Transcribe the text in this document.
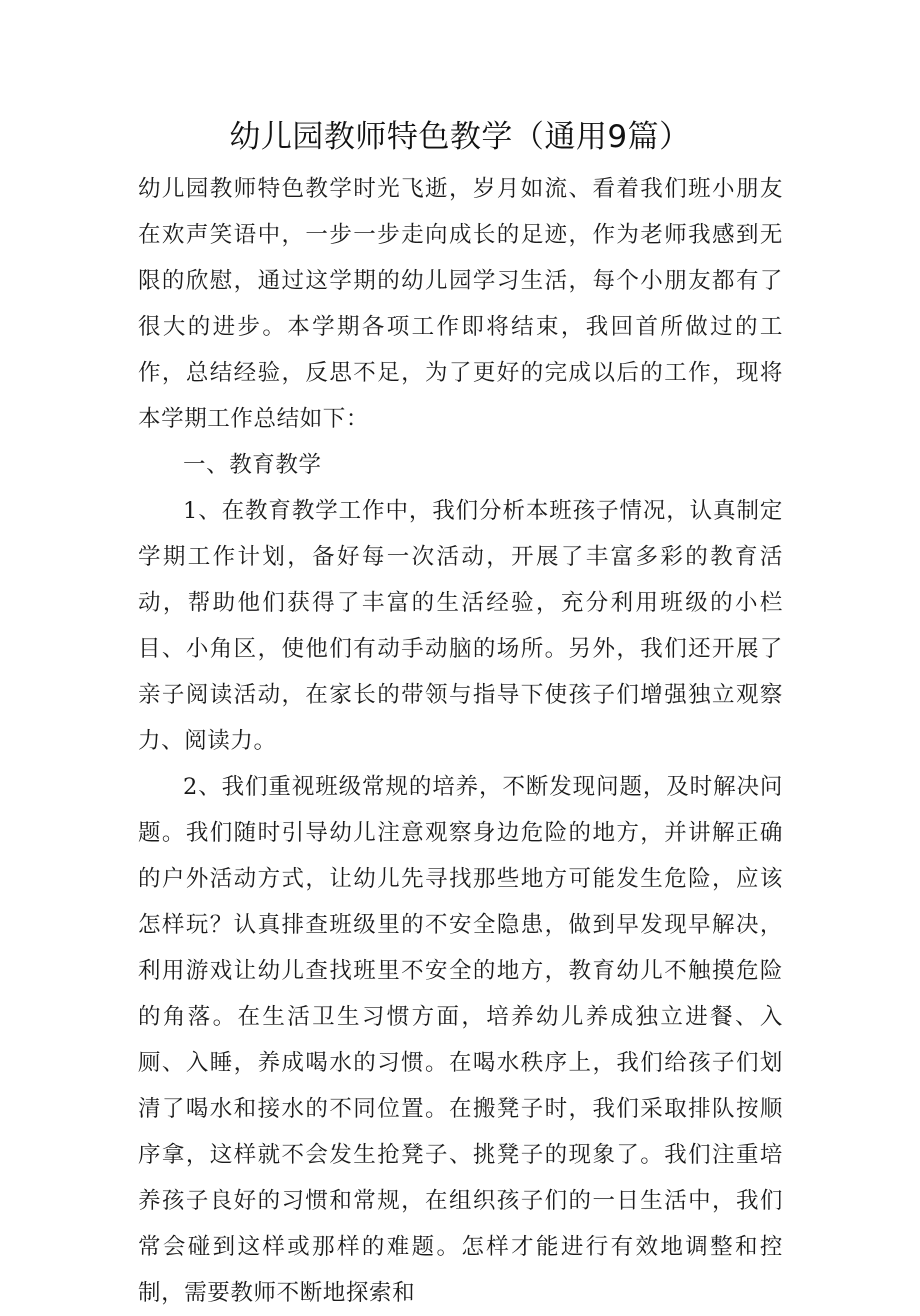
幼儿园教师特色教学（通用9篇）

幼儿园教师特色教学时光飞逝，岁月如流、看着我们班小朋友在欢声笑语中，一步一步走向成长的足迹，作为老师我感到无限的欣慰，通过这学期的幼儿园学习生活，每个小朋友都有了很大的进步。本学期各项工作即将结束，我回首所做过的工作，总结经验，反思不足，为了更好的完成以后的工作，现将本学期工作总结如下：

一、教育教学

1、在教育教学工作中，我们分析本班孩子情况，认真制定学期工作计划，备好每一次活动，开展了丰富多彩的教育活动，帮助他们获得了丰富的生活经验，充分利用班级的小栏目、小角区，使他们有动手动脑的场所。另外，我们还开展了亲子阅读活动，在家长的带领与指导下使孩子们增强独立观察力、阅读力。

2、我们重视班级常规的培养，不断发现问题，及时解决问题。我们随时引导幼儿注意观察身边危险的地方，并讲解正确的户外活动方式，让幼儿先寻找那些地方可能发生危险，应该怎样玩？认真排查班级里的不安全隐患，做到早发现早解决，利用游戏让幼儿查找班里不安全的地方，教育幼儿不触摸危险的角落。在生活卫生习惯方面，培养幼儿养成独立进餐、入厕、入睡，养成喝水的习惯。在喝水秩序上，我们给孩子们划清了喝水和接水的不同位置。在搬凳子时，我们采取排队按顺序拿，这样就不会发生抢凳子、挑凳子的现象了。我们注重培养孩子良好的习惯和常规，在组织孩子们的一日生活中，我们常会碰到这样或那样的难题。怎样才能进行有效地调整和控制，需要教师不断地探索和
